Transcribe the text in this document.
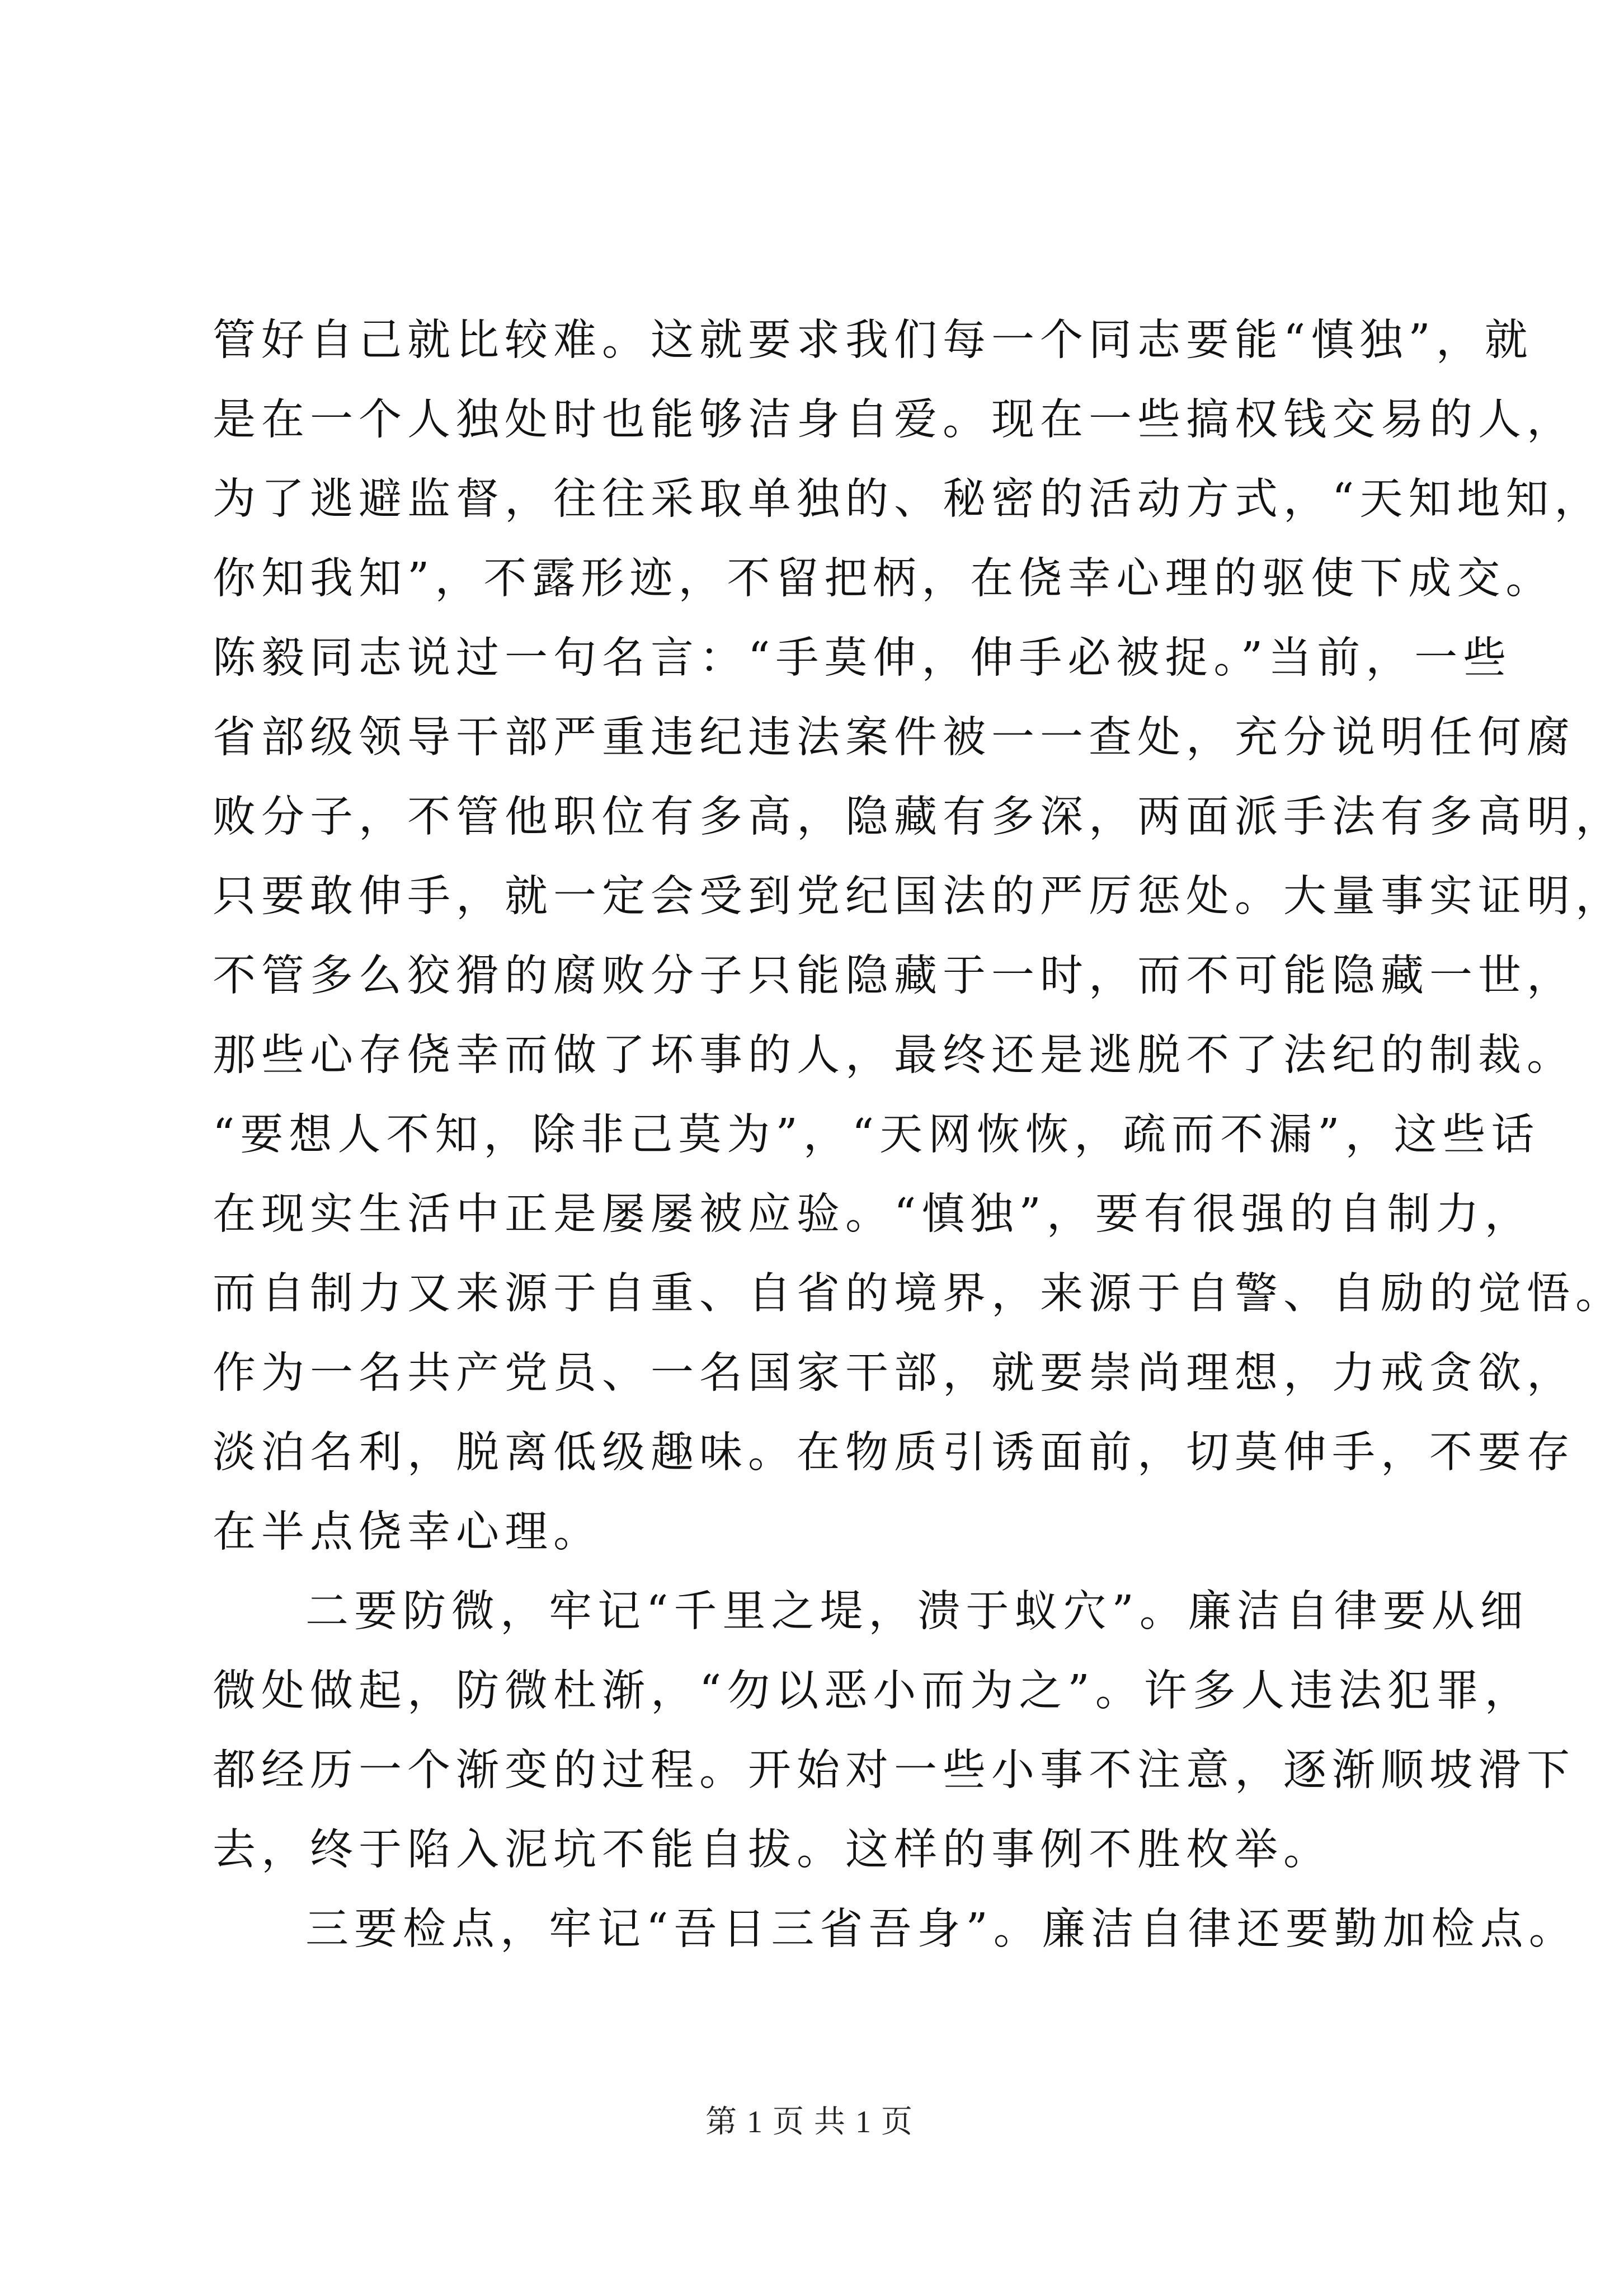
管好自己就比较难。这就要求我们每一个同志要能“慎独”，就
是在一个人独处时也能够洁身自爱。现在一些搞权钱交易的人，
为了逃避监督，往往采取单独的、秘密的活动方式，“天知地知，
你知我知”，不露形迹，不留把柄，在侥幸心理的驱使下成交。
陈毅同志说过一句名言：“手莫伸，伸手必被捉。”当前，一些
省部级领导干部严重违纪违法案件被一一查处，充分说明任何腐
败分子，不管他职位有多高，隐藏有多深，两面派手法有多高明，
只要敢伸手，就一定会受到党纪国法的严厉惩处。大量事实证明，
不管多么狡猾的腐败分子只能隐藏于一时，而不可能隐藏一世，
那些心存侥幸而做了坏事的人，最终还是逃脱不了法纪的制裁。
“要想人不知，除非己莫为”，“天网恢恢，疏而不漏”，这些话
在现实生活中正是屡屡被应验。“慎独”，要有很强的自制力，
而自制力又来源于自重、自省的境界，来源于自警、自励的觉悟。
作为一名共产党员、一名国家干部，就要崇尚理想，力戒贪欲，
淡泊名利，脱离低级趣味。在物质引诱面前，切莫伸手，不要存
在半点侥幸心理。
二要防微，牢记“千里之堤，溃于蚁穴”。廉洁自律要从细
微处做起，防微杜渐，“勿以恶小而为之”。许多人违法犯罪，
都经历一个渐变的过程。开始对一些小事不注意，逐渐顺坡滑下
去，终于陷入泥坑不能自拔。这样的事例不胜枚举。
三要检点，牢记“吾日三省吾身”。廉洁自律还要勤加检点。
第 1 页 共 1 页
